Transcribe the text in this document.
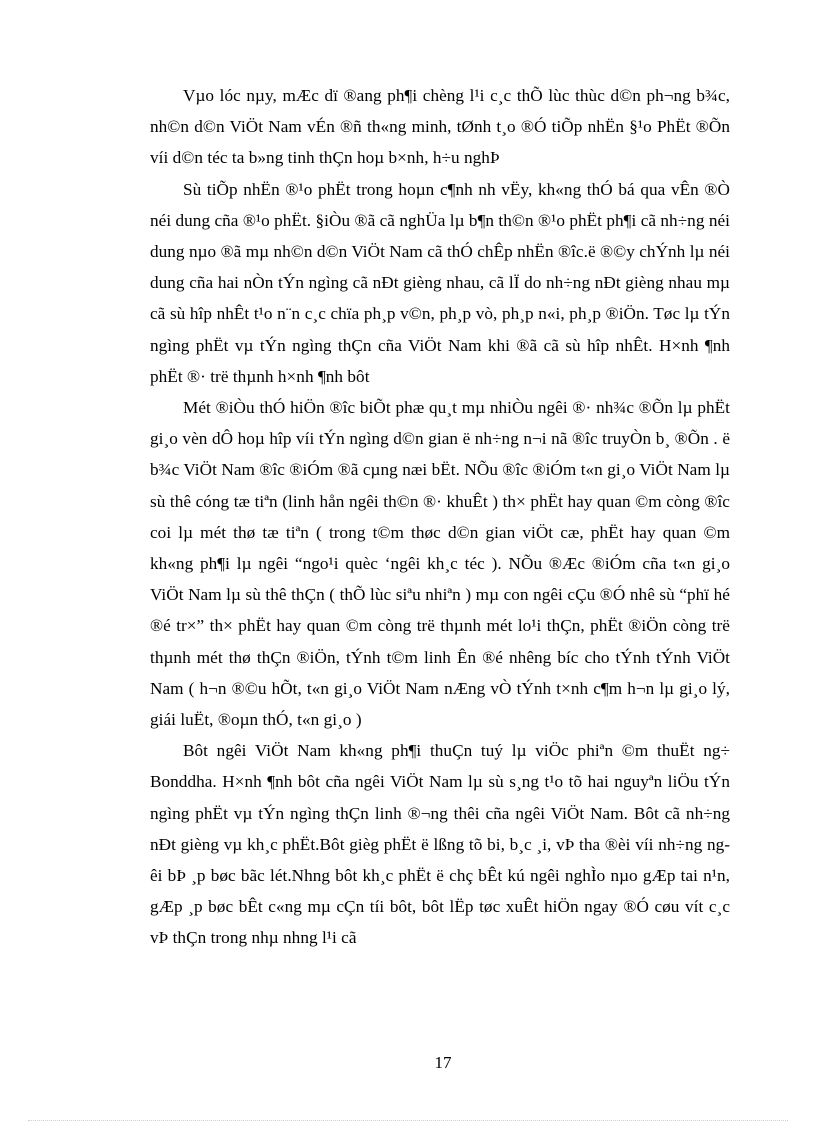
Vµo lóc nµy, mÆc dï ®ang ph¶i chèng l¹i c¸c thÕ lùc thùc d©n ph¬ng b¾c, nh©n d©n ViÖt Nam vÉn ®ñ th«ng minh, tØnh t¸o ®Ó tiÕp nhËn §¹o PhËt ®Õn víi d©n téc ta b»ng tinh thÇn hoµ b×nh, h÷u nghÞ

Sù tiÕp nhËn ®¹o phËt trong hoµn c¶nh nh vËy, kh«ng thÓ bá qua vÊn ®Ò néi dung cña ®¹o phËt. §iÒu ®ã cã nghÜa lµ b¶n th©n ®¹o phËt ph¶i cã nh÷ng néi dung nµo ®ã mµ nh©n d©n ViÖt Nam cã thÓ chÊp nhËn ®îc.ë ®©y chÝnh lµ néi dung cña hai nÒn tÝn ngìng cã nÐt gièng nhau, cã lÏ do nh÷ng nÐt gièng nhau mµ cã sù hîp nhÊt t¹o n¨n c¸c chïa ph¸p v©n, ph¸p vò, ph¸p n«i, ph¸p ®iÖn. Tøc lµ tÝn ngìng phËt vµ tÝn ngìng thÇn cña ViÖt Nam khi ®ã cã sù hîp nhÊt. H×nh ¶nh phËt ®· trë thµnh h×nh ¶nh bôt

Mét ®iÒu thÓ hiÖn ®îc biÕt phæ qu¸t mµ nhiÒu ngêi ®· nh¾c ®Õn lµ phËt gi¸o vèn dÔ hoµ hîp víi tÝn ngìng d©n gian ë nh÷ng n¬i nã ®îc truyÒn b¸ ®Õn . ë b¾c ViÖt Nam ®îc ®iÓm ®ã cµng næi bËt. NÕu ®îc ®iÓm t«n gi¸o ViÖt Nam lµ sù thê cóng tæ tiªn (linh hån ngêi th©n ®· khuÊt ) th× phËt hay quan ©m còng ®îc coi lµ mét thø tæ tiªn ( trong t©m thøc d©n gian viÖt cæ, phËt hay quan ©m kh«ng ph¶i lµ ngêi “ngo¹i quèc ‘ngêi kh¸c téc ). NÕu ®Æc ®iÓm cña t«n gi¸o ViÖt Nam lµ sù thê thÇn ( thÕ lùc siªu nhiªn ) mµ con ngêi cÇu ®Ó nhê sù “phï hé ®é tr×” th× phËt hay quan ©m còng trë thµnh mét lo¹i thÇn, phËt ®iÖn còng trë thµnh mét thø thÇn ®iÖn, tÝnh t©m linh Ên ®é nhêng bíc cho tÝnh tÝnh ViÖt Nam ( h¬n ®©u hÕt, t«n gi¸o ViÖt Nam nÆng vÒ tÝnh t×nh c¶m h¬n lµ gi¸o lý, giái luËt, ®oµn thÓ, t«n gi¸o )

Bôt ngêi ViÖt Nam kh«ng ph¶i thuÇn tuý lµ viÖc phiªn ©m thuËt ng÷ Bonddha. H×nh ¶nh bôt cña ngêi ViÖt Nam lµ sù s¸ng t¹o tõ hai nguyªn liÖu tÝn ngìng phËt vµ tÝn ngìng thÇn linh ®¬ng thêi cña ngêi ViÖt Nam. Bôt cã nh÷ng nÐt gièng vµ kh¸c phËt.Bôt gièg phËt ë lßng tõ bi, b¸c ¸i, vÞ tha ®èi víi nh÷ng ngêi bÞ ¸p bøc bãc lét.Nhng bôt kh¸c phËt ë chç bÊt kú ngêi nghÌo nµo gÆp tai n¹n, gÆp ¸p bøc bÊt c«ng mµ cÇn tíi bôt, bôt lËp tøc xuÊt hiÖn ngay ®Ó cøu vít c¸c vÞ thÇn trong nhµ nhng l¹i cã

17
